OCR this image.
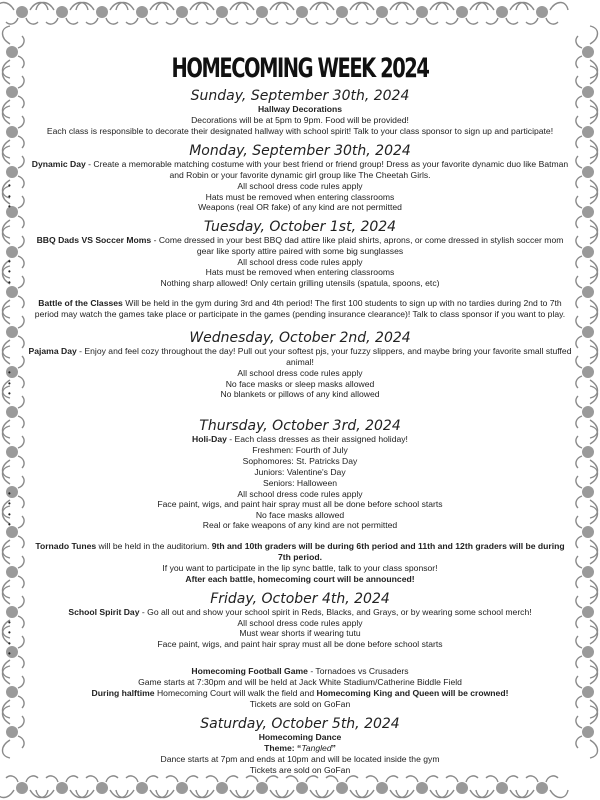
HOMECOMING WEEK 2024
Sunday, September 30th, 2024
Hallway Decorations
Decorations will be at 5pm to 9pm. Food will be provided!
Each class is responsible to decorate their designated hallway with school spirit! Talk to your class sponsor to sign up and participate!
Monday, September 30th, 2024
Dynamic Day - Create a memorable matching costume with your best friend or friend group! Dress as your favorite dynamic duo like Batman and Robin or your favorite dynamic girl group like The Cheetah Girls.
• All school dress code rules apply
• Hats must be removed when entering classrooms
• Weapons (real OR fake) of any kind are not permitted
Tuesday, October 1st, 2024
BBQ Dads VS Soccer Moms - Come dressed in your best BBQ dad attire like plaid shirts, aprons, or come dressed in stylish soccer mom gear like sporty attire paired with some big sunglasses
• All school dress code rules apply
• Hats must be removed when entering classrooms
• Nothing sharp allowed! Only certain grilling utensils (spatula, spoons, etc)
Battle of the Classes Will be held in the gym during 3rd and 4th period! The first 100 students to sign up with no tardies during 2nd to 7th period may watch the games take place or participate in the games (pending insurance clearance)! Talk to class sponsor if you want to play.
Wednesday, October 2nd, 2024
Pajama Day - Enjoy and feel cozy throughout the day! Pull out your softest pjs, your fuzzy slippers, and maybe bring your favorite small stuffed animal!
• All school dress code rules apply
• No face masks or sleep masks allowed
• No blankets or pillows of any kind allowed
Thursday, October 3rd, 2024
Holi-Day - Each class dresses as their assigned holiday!
Freshmen: Fourth of July
Sophomores: St. Patricks Day
Juniors: Valentine's Day
Seniors: Halloween
• All school dress code rules apply
• Face paint, wigs, and paint hair spray must all be done before school starts
• No face masks allowed
• Real or fake weapons of any kind are not permitted
Tornado Tunes will be held in the auditorium. 9th and 10th graders will be during 6th period and 11th and 12th graders will be during 7th period.
If you want to participate in the lip sync battle, talk to your class sponsor!
After each battle, homecoming court will be announced!
Friday, October 4th, 2024
School Spirit Day - Go all out and show your school spirit in Reds, Blacks, and Grays, or by wearing some school merch!
• All school dress code rules apply
• Must wear shorts if wearing tutu
• Face paint, wigs, and paint hair spray must all be done before school starts
•
Homecoming Football Game - Tornadoes vs Crusaders
Game starts at 7:30pm and will be held at Jack White Stadium/Catherine Biddle Field
During halftime Homecoming Court will walk the field and Homecoming King and Queen will be crowned!
Tickets are sold on GoFan
Saturday, October 5th, 2024
Homecoming Dance
Theme: “Tangled”
Dance starts at 7pm and ends at 10pm and will be located inside the gym
Tickets are sold on GoFan
